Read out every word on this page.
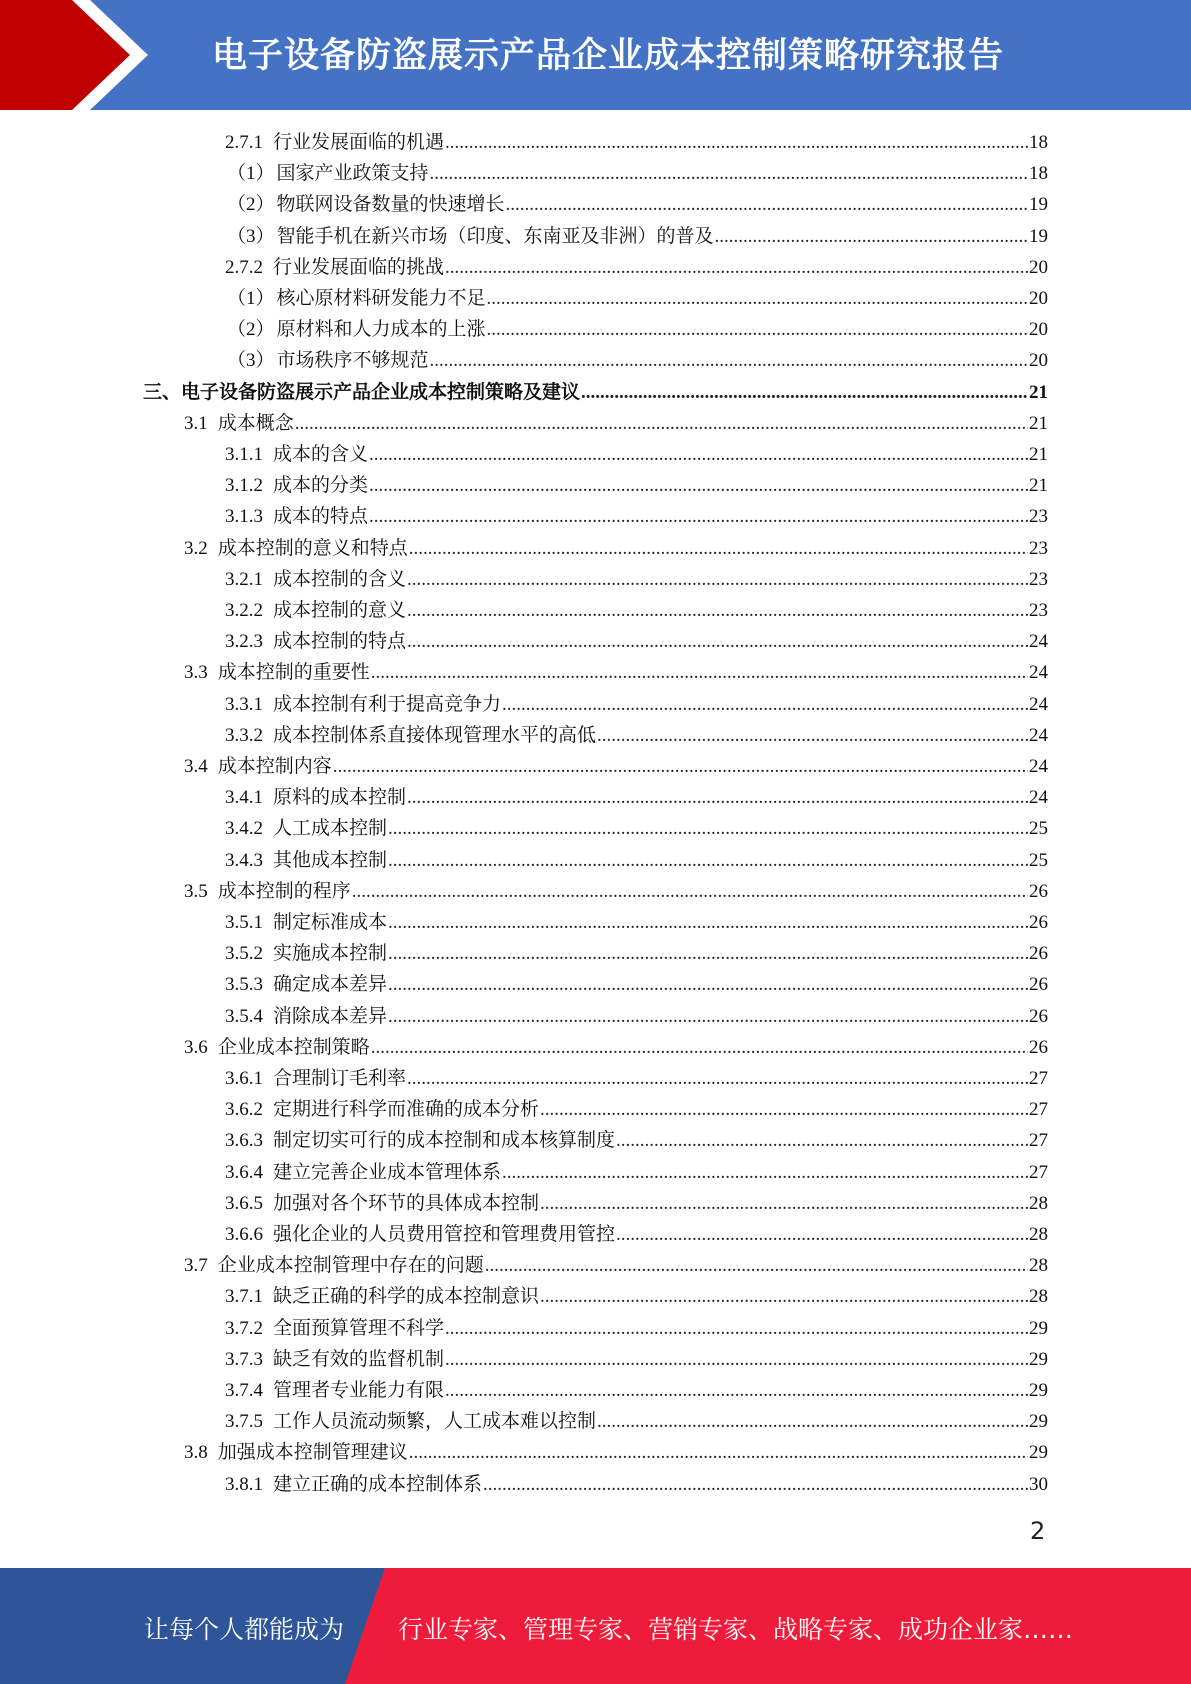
电子设备防盗展示产品企业成本控制策略研究报告
2.7.1 行业发展面临的机遇 .....	18
（1） 国家产业政策支持 .....	18
（2） 物联网设备数量的快速增长 .....	19
（3） 智能手机在新兴市场（印度、东南亚及非洲）的普及 .....	19
2.7.2 行业发展面临的挑战 .....	20
（1） 核心原材料研发能力不足 .....	20
（2） 原材料和人力成本的上涨 .....	20
（3） 市场秩序不够规范 .....	20
三、 电子设备防盗展示产品企业成本控制策略及建议 .....	21
3.1 成本概念 .....	21
3.1.1 成本的含义 .....	21
3.1.2 成本的分类 .....	21
3.1.3 成本的特点 .....	23
3.2 成本控制的意义和特点 .....	23
3.2.1 成本控制的含义 .....	23
3.2.2 成本控制的意义 .....	23
3.2.3 成本控制的特点 .....	24
3.3 成本控制的重要性 .....	24
3.3.1 成本控制有利于提高竞争力 .....	24
3.3.2 成本控制体系直接体现管理水平的高低 .....	24
3.4 成本控制内容 .....	24
3.4.1 原料的成本控制 .....	24
3.4.2 人工成本控制 .....	25
3.4.3 其他成本控制 .....	25
3.5 成本控制的程序 .....	26
3.5.1 制定标准成本 .....	26
3.5.2 实施成本控制 .....	26
3.5.3 确定成本差异 .....	26
3.5.4 消除成本差异 .....	26
3.6 企业成本控制策略 .....	26
3.6.1 合理制订毛利率 .....	27
3.6.2 定期进行科学而准确的成本分析 .....	27
3.6.3 制定切实可行的成本控制和成本核算制度 .....	27
3.6.4 建立完善企业成本管理体系 .....	27
3.6.5 加强对各个环节的具体成本控制 .....	28
3.6.6 强化企业的人员费用管控和管理费用管控 .....	28
3.7 企业成本控制管理中存在的问题 .....	28
3.7.1 缺乏正确的科学的成本控制意识 .....	28
3.7.2 全面预算管理不科学 .....	29
3.7.3 缺乏有效的监督机制 .....	29
3.7.4 管理者专业能力有限 .....	29
3.7.5 工作人员流动频繁，人工成本难以控制 .....	29
3.8 加强成本控制管理建议 .....	29
3.8.1 建立正确的成本控制体系 .....	30
2
让每个人都能成为 行业专家、管理专家、营销专家、战略专家、成功企业家……
